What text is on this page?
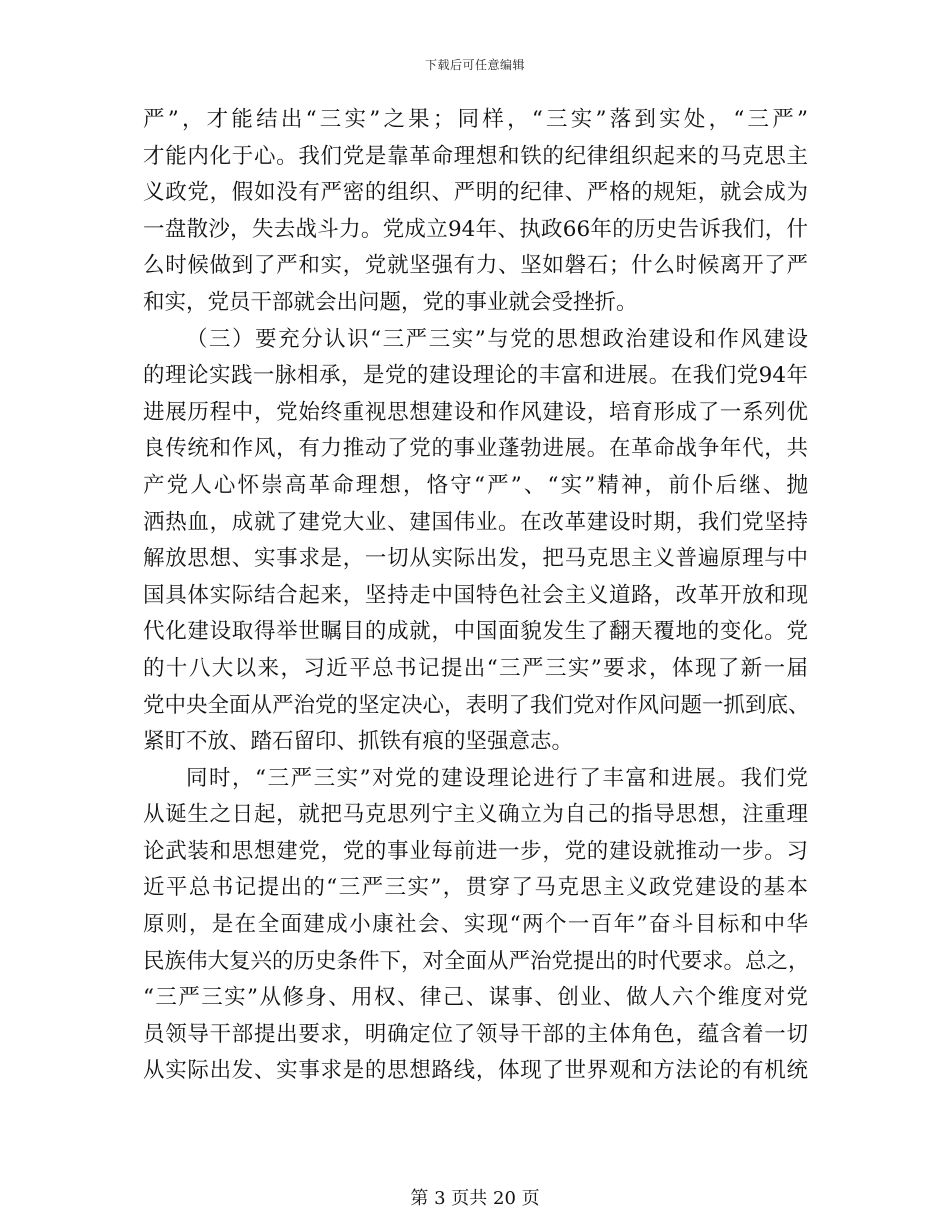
下载后可任意编辑

严”，才能结出“三实”之果；同样，“三实”落到实处，“三严”
才能内化于心。我们党是靠革命理想和铁的纪律组织起来的马克思主
义政党，假如没有严密的组织、严明的纪律、严格的规矩，就会成为
一盘散沙，失去战斗力。党成立94年、执政66年的历史告诉我们，什
么时候做到了严和实，党就坚强有力、坚如磐石；什么时候离开了严
和实，党员干部就会出问题，党的事业就会受挫折。

（三）要充分认识“三严三实”与党的思想政治建设和作风建设
的理论实践一脉相承，是党的建设理论的丰富和进展。在我们党94年
进展历程中，党始终重视思想建设和作风建设，培育形成了一系列优
良传统和作风，有力推动了党的事业蓬勃进展。在革命战争年代，共
产党人心怀崇高革命理想，恪守“严”、“实”精神，前仆后继、抛
洒热血，成就了建党大业、建国伟业。在改革建设时期，我们党坚持
解放思想、实事求是，一切从实际出发，把马克思主义普遍原理与中
国具体实际结合起来，坚持走中国特色社会主义道路，改革开放和现
代化建设取得举世瞩目的成就，中国面貌发生了翻天覆地的变化。党
的十八大以来，习近平总书记提出“三严三实”要求，体现了新一届
党中央全面从严治党的坚定决心，表明了我们党对作风问题一抓到底、
紧盯不放、踏石留印、抓铁有痕的坚强意志。

同时，“三严三实”对党的建设理论进行了丰富和进展。我们党
从诞生之日起，就把马克思列宁主义确立为自己的指导思想，注重理
论武装和思想建党，党的事业每前进一步，党的建设就推动一步。习
近平总书记提出的“三严三实”，贯穿了马克思主义政党建设的基本
原则，是在全面建成小康社会、实现“两个一百年”奋斗目标和中华
民族伟大复兴的历史条件下，对全面从严治党提出的时代要求。总之，
“三严三实”从修身、用权、律己、谋事、创业、做人六个维度对党
员领导干部提出要求，明确定位了领导干部的主体角色，蕴含着一切
从实际出发、实事求是的思想路线，体现了世界观和方法论的有机统

第 3 页共 20 页
